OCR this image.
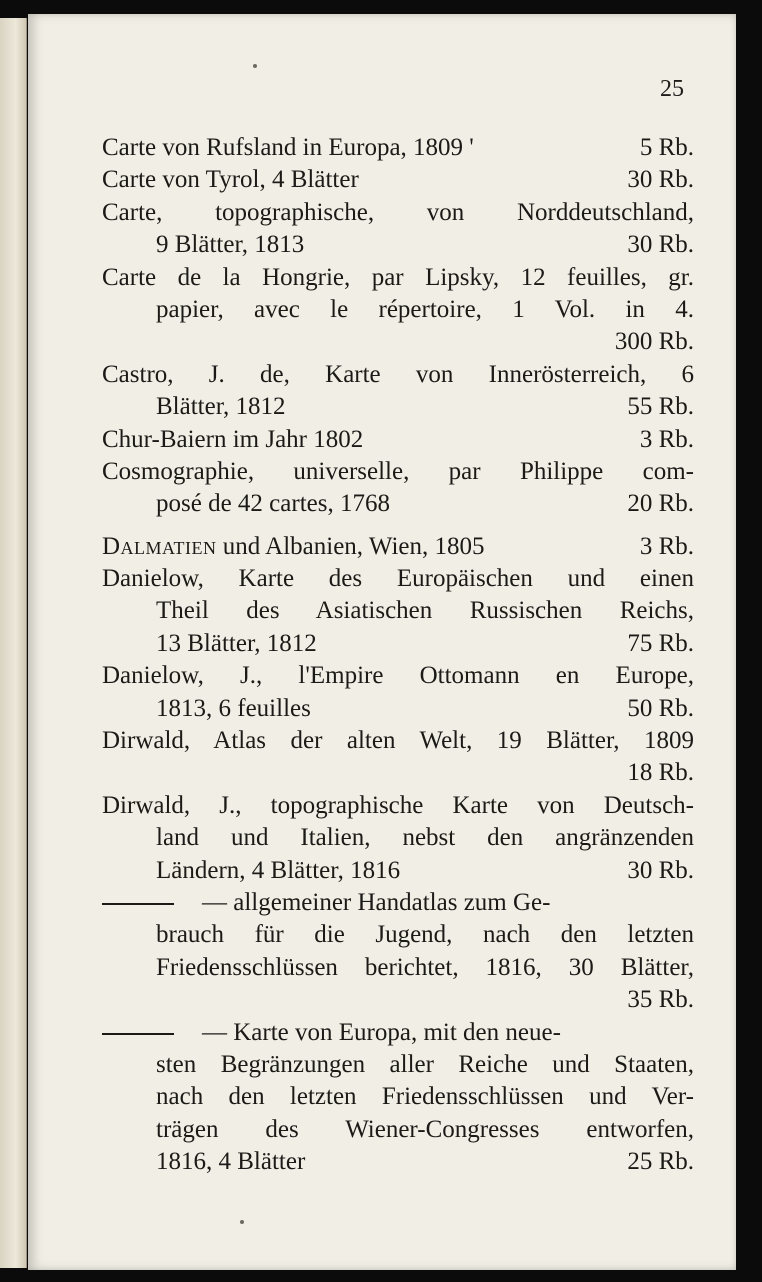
25
Carte von Rufsland in Europa, 1809 '	5 Rb.
Carte von Tyrol, 4 Blätter	30 Rb.
Carte, topographische, von Norddeutschland,
9 Blätter, 1813	30 Rb.
Carte de la Hongrie, par Lipsky, 12 feuilles, gr.
papier, avec le répertoire, 1 Vol. in 4.
300 Rb.
Castro, J. de, Karte von Innerösterreich, 6
Blätter, 1812	55 Rb.
Chur-Baiern im Jahr 1802	3 Rb.
Cosmographie, universelle, par Philippe com-
posé de 42 cartes, 1768	20 Rb.
Dalmatien und Albanien, Wien, 1805	3 Rb.
Danielow, Karte des Europäischen und einen
Theil des Asiatischen Russischen Reichs,
13 Blätter, 1812	75 Rb.
Danielow, J., l'Empire Ottomann en Europe,
1813, 6 feuilles	50 Rb.
Dirwald, Atlas der alten Welt, 19 Blätter, 1809
18 Rb.
Dirwald, J., topographische Karte von Deutsch-
land und Italien, nebst den angränzenden
Ländern, 4 Blätter, 1816	30 Rb.
— allgemeiner Handatlas zum Ge-
brauch für die Jugend, nach den letzten
Friedensschlüssen berichtet, 1816, 30 Blätter,
35 Rb.
— Karte von Europa, mit den neue-
sten Begränzungen aller Reiche und Staaten,
nach den letzten Friedensschlüssen und Ver-
trägen des Wiener-Congresses entworfen,
1816, 4 Blätter	25 Rb.
